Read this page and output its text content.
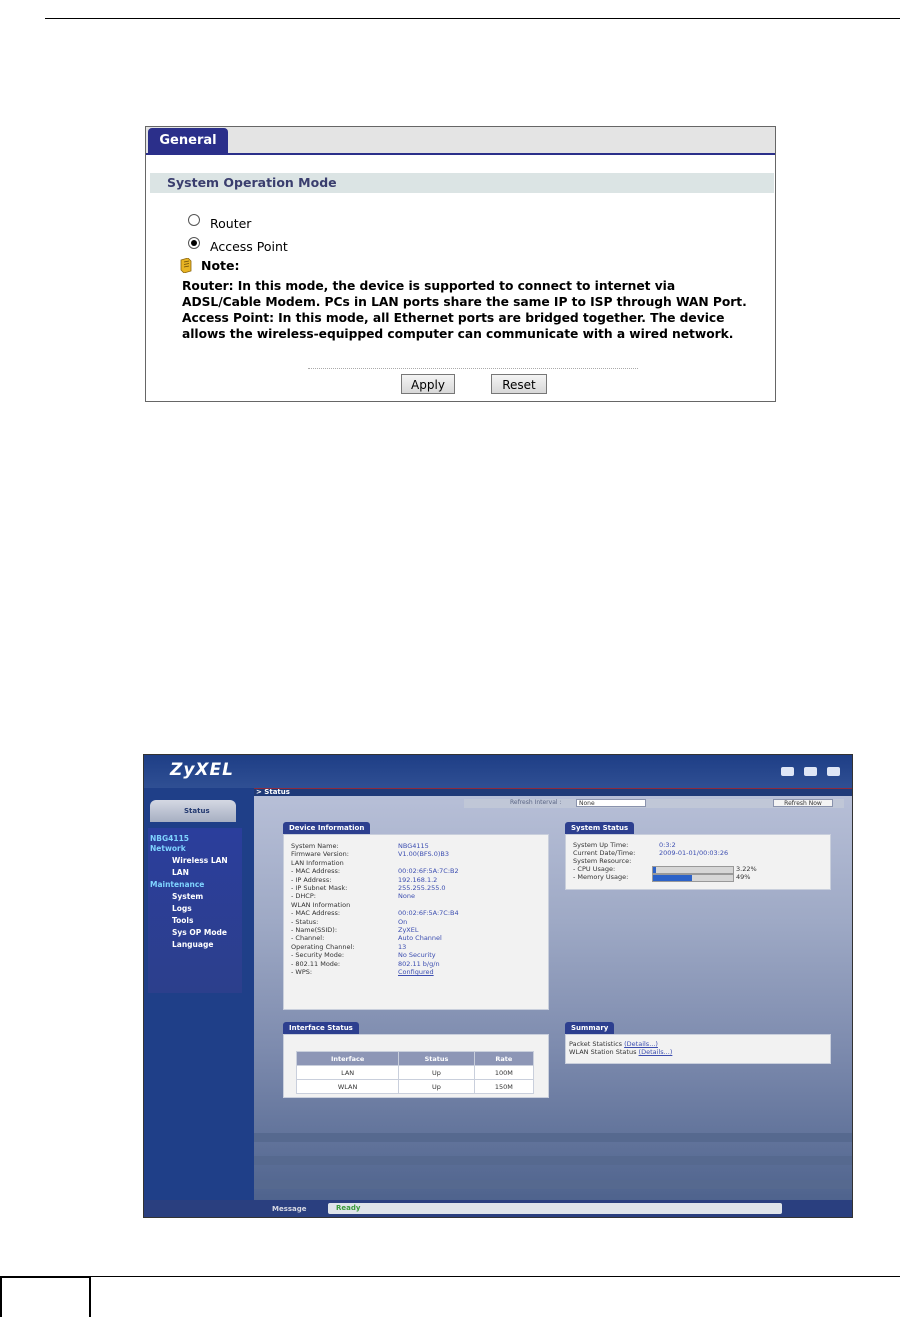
General
System Operation Mode
Router
Access Point
Note:
Router: In this mode, the device is supported to connect to internet via
ADSL/Cable Modem. PCs in LAN ports share the same IP to ISP through WAN Port.
Access Point: In this mode, all Ethernet ports are bridged together. The device
allows the wireless-equipped computer can communicate with a wired network.
Apply	Reset
ZyXEL
> Status
Status
NBG4115
Network
Wireless LAN
LAN
Maintenance
System
Logs
Tools
Sys OP Mode
Language
Refresh Interval :	None	Refresh Now
Device Information
System Name:	NBG4115
Firmware Version:	V1.00(BFS.0)B3
LAN Information
- MAC Address:	00:02:6F:5A:7C:B2
- IP Address:	192.168.1.2
- IP Subnet Mask:	255.255.255.0
- DHCP:	None
WLAN Information
- MAC Address:	00:02:6F:5A:7C:B4
- Status:	On
- Name(SSID):	ZyXEL
- Channel:	Auto Channel
Operating Channel:	13
- Security Mode:	No Security
- 802.11 Mode:	802.11 b/g/n
- WPS:	Configured
System Status
System Up Time:	0:3:2
Current Date/Time:	2009-01-01/00:03:26
System Resource:
- CPU Usage:	3.22%
- Memory Usage:	49%
Interface Status
Interface	Status	Rate
LAN	Up	100M
WLAN	Up	150M
Summary
Packet Statistics (Details...)
WLAN Station Status (Details...)
Message	Ready
